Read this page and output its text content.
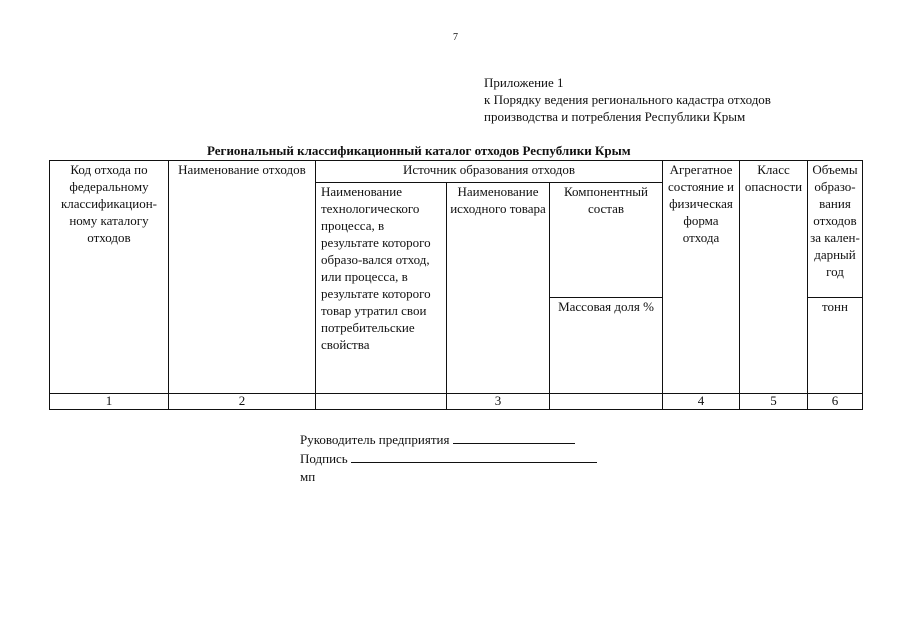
7
Приложение 1
к Порядку ведения регионального кадастра отходов
производства и потребления Республики Крым
Региональный классификационный каталог отходов Республики Крым
Код отхода по федеральному классификацион-ному каталогу отходов	Наименование отходов	Источник образования отходов			Агрегатное состояние и физическая форма отхода	Класс опасности	Объемы образо-вания отходов за кален-дарный год
		Наименование технологического процесса, в результате которого образо-вался отход, или процесса, в результате которого товар утратил свои потребительские свойства	Наименование исходного товара	Компонентный состав			
				Массовая доля %			тонн
1	2		3		4	5	6
Руководитель предприятия
Подпись
мп
